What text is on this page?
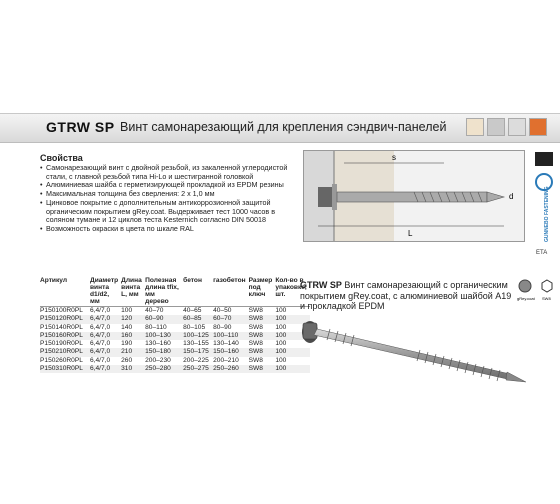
GTRW SP Винт самонарезающий для крепления сэндвич-панелей
Свойства
• Самонарезающий винт с двойной резьбой, из закаленной углеродистой стали, с главной резьбой типа Hi-Lo и шестигранной головкой
• Алюминиевая шайба с герметизирующей прокладкой из EPDM резины
• Максимальная толщина без сверления: 2 x 1,0 мм
• Цинковое покрытие с дополнительным антикоррозионной защитой органическим покрытием gRey.coat. Выдерживает тест 1000 часов в соляном тумане и 12 циклов теста Kesternich согласно DIN 50018
• Возможность окраски в цвета по шкале RAL
L
s
d	GUNNEBO FASTENING
ETA
Артикул	Диаметр винта d1/d2, мм	Длина винта L, мм	Полезная длина tfix, мм дерево	бетон	газобетон	Размер под ключ	Кол-во в упаковке, шт.
P150100R0PL	6,4/7,0	100	40–70	40–65	40–50	SW8	100
P150120R0PL	6,4/7,0	120	60–90	60–85	60–70	SW8	100
P150140R0PL	6,4/7,0	140	80–110	80–105	80–90	SW8	100
P150160R0PL	6,4/7,0	160	100–130	100–125	100–110	SW8	100
P150190R0PL	6,4/7,0	190	130–160	130–155	130–140	SW8	100
P150210R0PL	6,4/7,0	210	150–180	150–175	150–160	SW8	100
P150260R0PL	6,4/7,0	260	200–230	200–225	200–210	SW8	100
P150310R0PL	6,4/7,0	310	250–280	250–275	250–260	SW8	100
GTRW SP Винт самонарезающий с органическим покрытием gRey.coat, с алюминиевой шайбой A19 и прокладкой EPDM
gRey.coat SW8
